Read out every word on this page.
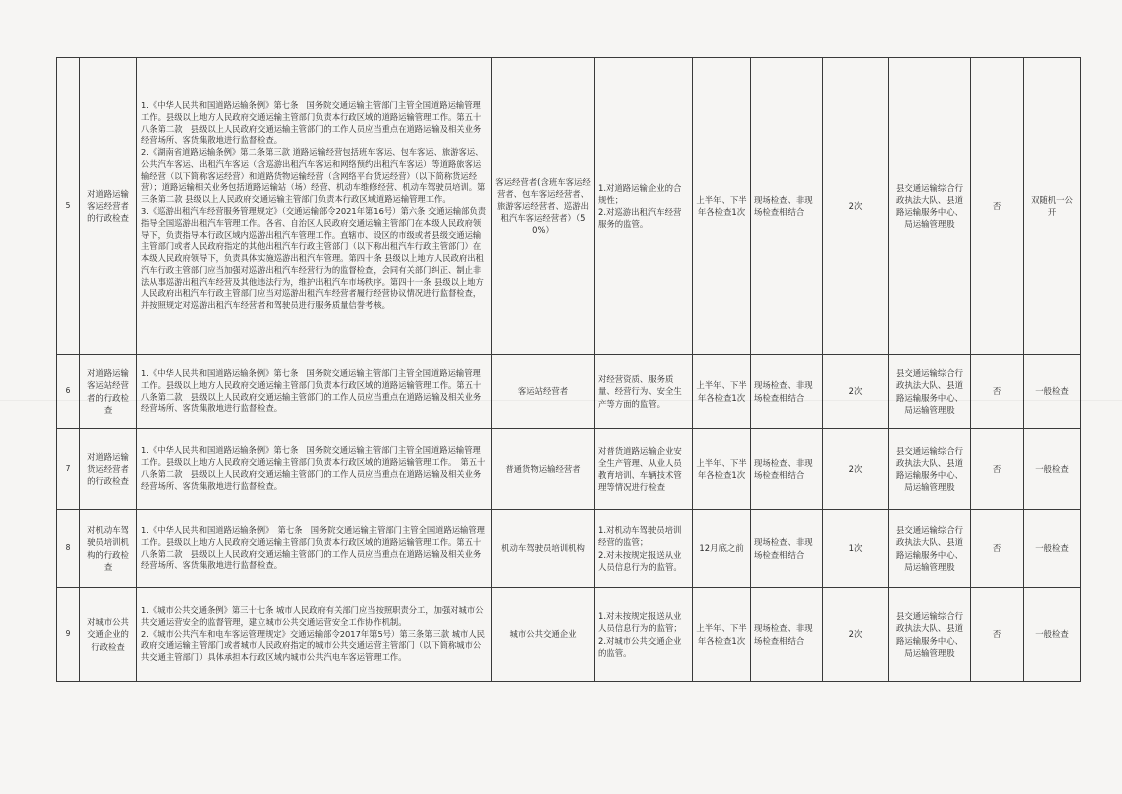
5	对道路运输客运经营者的行政检查	1.《中华人民共和国道路运输条例》第七条　国务院交通运输主管部门主管全国道路运输管理工作。县级以上地方人民政府交通运输主管部门负责本行政区域的道路运输管理工作。第五十八条第二款　县级以上人民政府交通运输主管部门的工作人员应当重点在道路运输及相关业务经营场所、客货集散地进行监督检查。
2.《湖南省道路运输条例》第二条第三款 道路运输经营包括班车客运、包车客运、旅游客运、公共汽车客运、出租汽车客运（含巡游出租汽车客运和网络预约出租汽车客运）等道路旅客运输经营（以下简称客运经营）和道路货物运输经营（含网络平台货运经营）（以下简称货运经营）；道路运输相关业务包括道路运输站（场）经营、机动车维修经营、机动车驾驶员培训。第三条第二款 县级以上人民政府交通运输主管部门负责本行政区域道路运输管理工作。
3.《巡游出租汽车经营服务管理规定》（交通运输部令2021年第16号）第六条 交通运输部负责指导全国巡游出租汽车管理工作。各省、自治区人民政府交通运输主管部门在本级人民政府领导下，负责指导本行政区域内巡游出租汽车管理工作。直辖市、设区的市级或者县级交通运输主管部门或者人民政府指定的其他出租汽车行政主管部门（以下称出租汽车行政主管部门）在本级人民政府领导下，负责具体实施巡游出租汽车管理。第四十条 县级以上地方人民政府出租汽车行政主管部门应当加强对巡游出租汽车经营行为的监督检查，会同有关部门纠正、制止非法从事巡游出租汽车经营及其他违法行为，维护出租汽车市场秩序。第四十一条 县级以上地方人民政府出租汽车行政主管部门应当对巡游出租汽车经营者履行经营协议情况进行监督检查，并按照规定对巡游出租汽车经营者和驾驶员进行服务质量信誉考核。	客运经营者(含班车客运经营者、包车客运经营者、旅游客运经营者、巡游出租汽车客运经营者）（50%）	1.对道路运输企业的合规性；
2.对巡游出租汽车经营服务的监管。	上半年、下半年各检查1次	现场检查、非现场检查相结合	2次	县交通运输综合行政执法大队、县道路运输服务中心、局运输管理股	否	双随机一公开
6	对道路运输客运站经营者的行政检查	1.《中华人民共和国道路运输条例》第七条　国务院交通运输主管部门主管全国道路运输管理工作。县级以上地方人民政府交通运输主管部门负责本行政区域的道路运输管理工作。第五十八条第二款　县级以上人民政府交通运输主管部门的工作人员应当重点在道路运输及相关业务经营场所、客货集散地进行监督检查。	客运站经营者	对经营资质、服务质量、经营行为、安全生产等方面的监管。	上半年、下半年各检查1次	现场检查、非现场检查相结合	2次	县交通运输综合行政执法大队、县道路运输服务中心、局运输管理股	否	一般检查
7	对道路运输货运经营者的行政检查	1.《中华人民共和国道路运输条例》第七条　国务院交通运输主管部门主管全国道路运输管理工作。县级以上地方人民政府交通运输主管部门负责本行政区域的道路运输管理工作。　第五十八条第二款　县级以上人民政府交通运输主管部门的工作人员应当重点在道路运输及相关业务经营场所、客货集散地进行监督检查。	普通货物运输经营者	对普货道路运输企业安全生产管理、从业人员教育培训、车辆技术管理等情况进行检查	上半年、下半年各检查1次	现场检查、非现场检查相结合	2次	县交通运输综合行政执法大队、县道路运输服务中心、局运输管理股	否	一般检查
8	对机动车驾驶员培训机构的行政检查	1.《中华人民共和国道路运输条例》　第七条　国务院交通运输主管部门主管全国道路运输管理工作。县级以上地方人民政府交通运输主管部门负责本行政区域的道路运输管理工作。第五十八条第二款　县级以上人民政府交通运输主管部门的工作人员应当重点在道路运输及相关业务经营场所、客货集散地进行监督检查。	机动车驾驶员培训机构	1.对机动车驾驶员培训经营的监管；
2.对未按规定报送从业人员信息行为的监管。	12月底之前	现场检查、非现场检查相结合	1次	县交通运输综合行政执法大队、县道路运输服务中心、局运输管理股	否	一般检查
9	对城市公共交通企业的行政检查	1.《城市公共交通条例》第三十七条 城市人民政府有关部门应当按照职责分工，加强对城市公共交通运营安全的监督管理，建立城市公共交通运营安全工作协作机制。
2.《城市公共汽车和电车客运管理规定》交通运输部令2017年第5号）第三条第三款 城市人民政府交通运输主管部门或者城市人民政府指定的城市公共交通运营主管部门（以下简称城市公共交通主管部门）具体承担本行政区域内城市公共汽电车客运管理工作。	城市公共交通企业	1.对未按规定报送从业人员信息行为的监管；
2.对城市公共交通企业的监管。	上半年、下半年各检查1次	现场检查、非现场检查相结合	2次	县交通运输综合行政执法大队、县道路运输服务中心、局运输管理股	否	一般检查
